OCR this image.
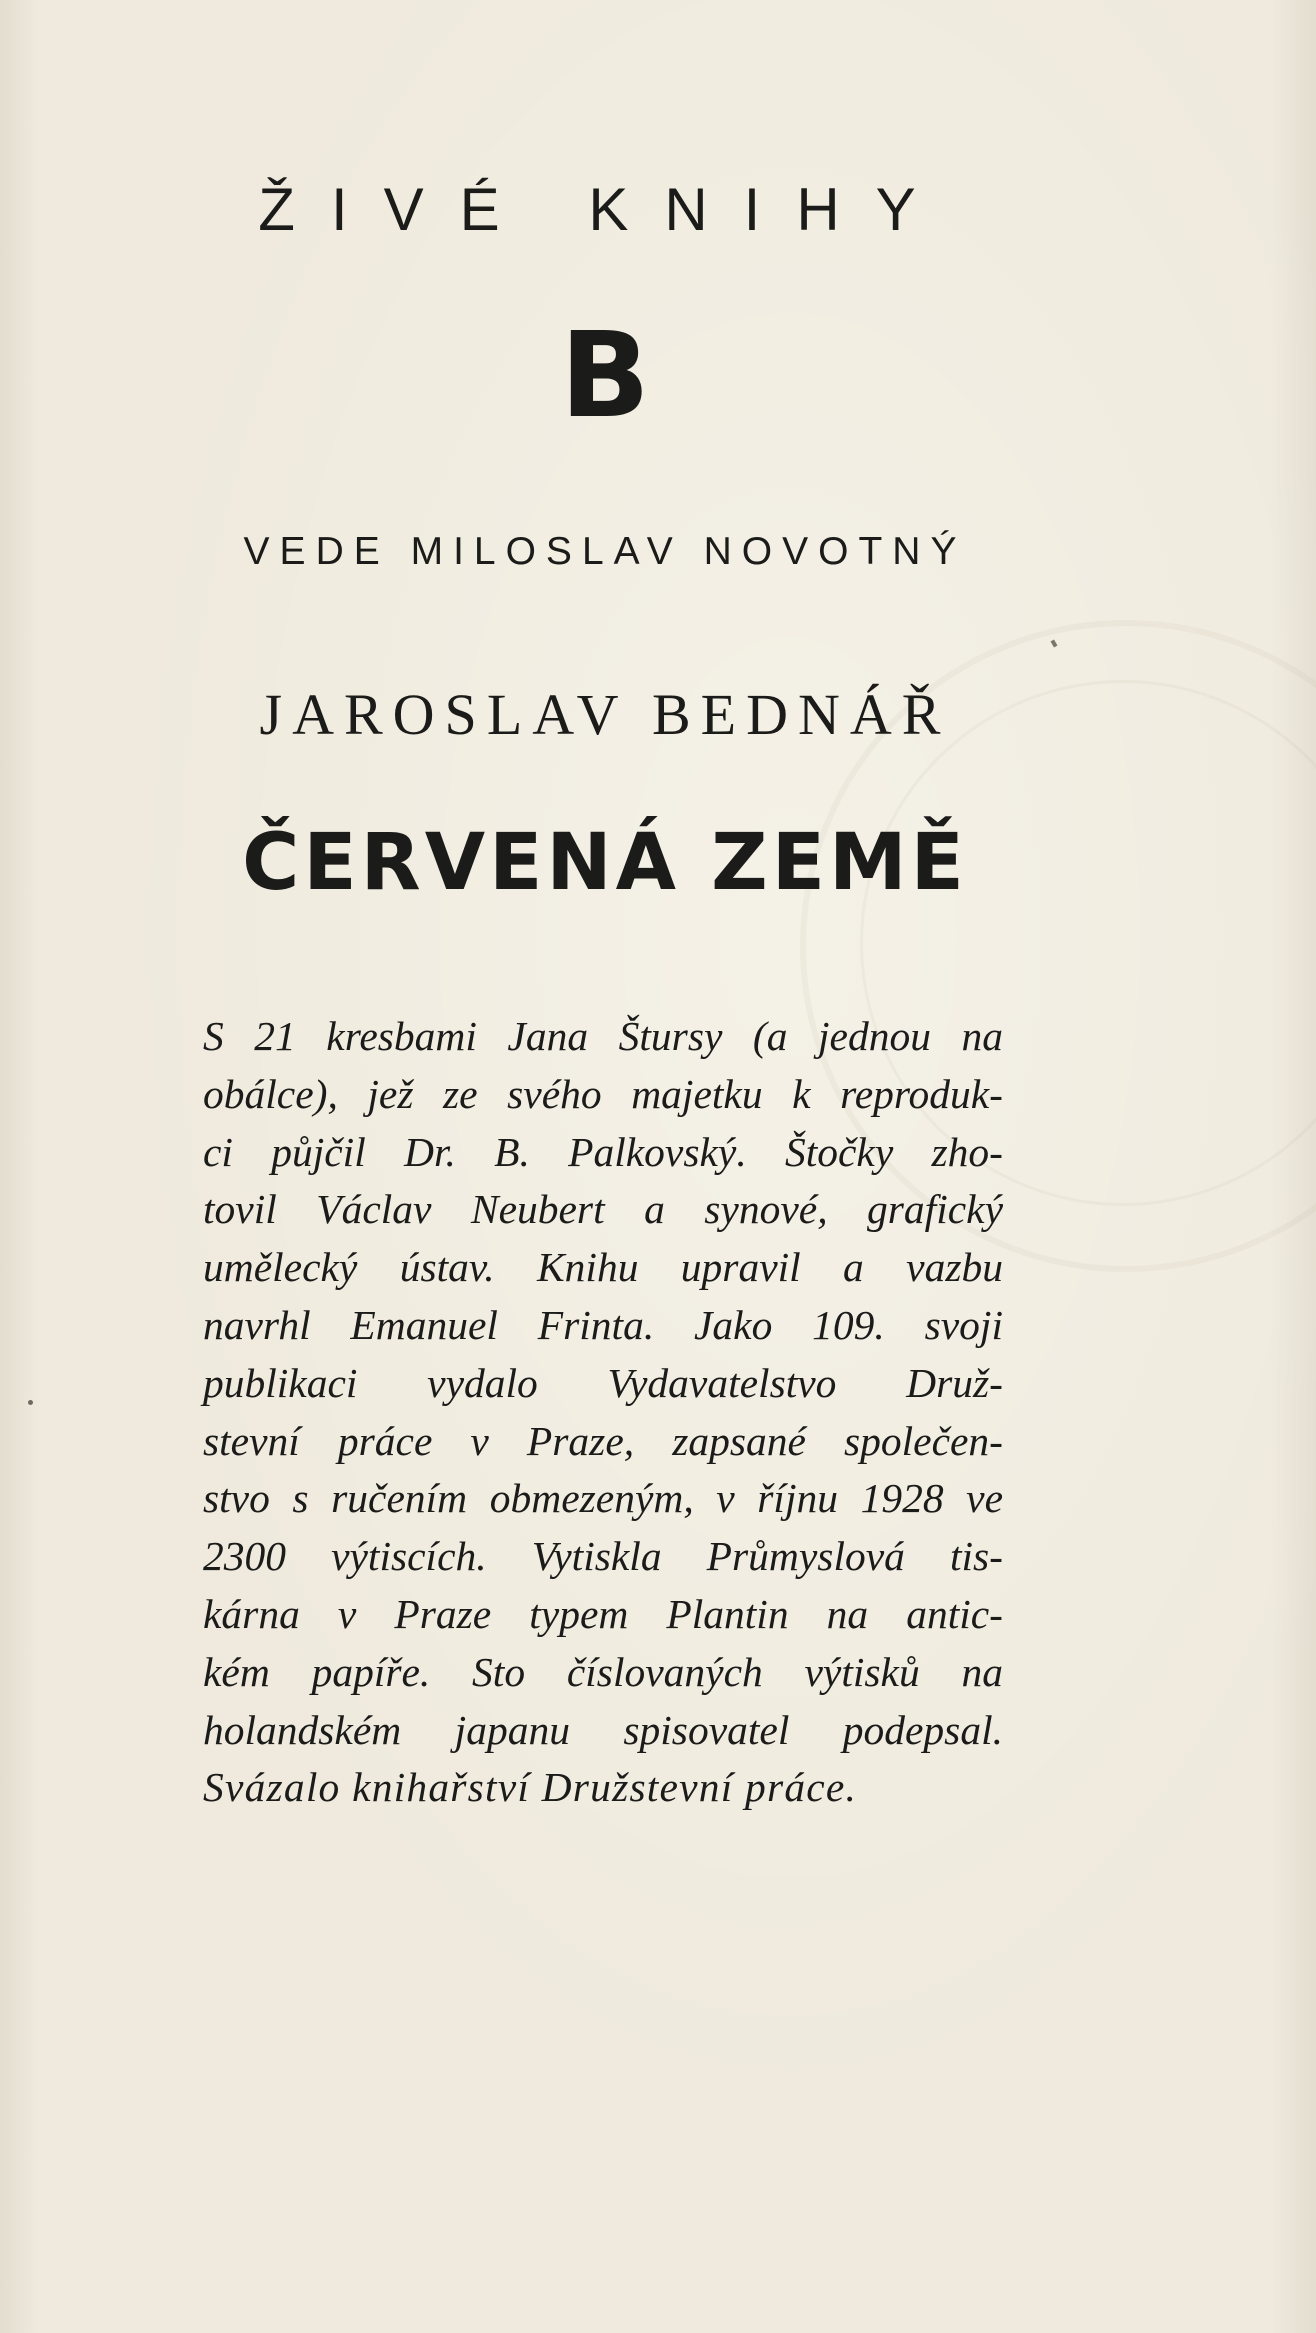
ŽIVÉ KNIHY
B
VEDE MILOSLAV NOVOTNÝ
JAROSLAV BEDNÁŘ
ČERVENÁ ZEMĚ

S 21 kresbami Jana Štursy (a jednou na
obálce), jež ze svého majetku k reproduk-
ci půjčil Dr. B. Palkovský. Štočky zho-
tovil Václav Neubert a synové, grafický
umělecký ústav. Knihu upravil a vazbu
navrhl Emanuel Frinta. Jako 109. svoji
publikaci vydalo Vydavatelstvo Druž-
stevní práce v Praze, zapsané společen-
stvo s ručením obmezeným, v říjnu 1928 ve
2300 výtiscích. Vytiskla Průmyslová tis-
kárna v Praze typem Plantin na antic-
kém papíře. Sto číslovaných výtisků na
holandském japanu spisovatel podepsal.
Svázalo knihařství Družstevní práce.
